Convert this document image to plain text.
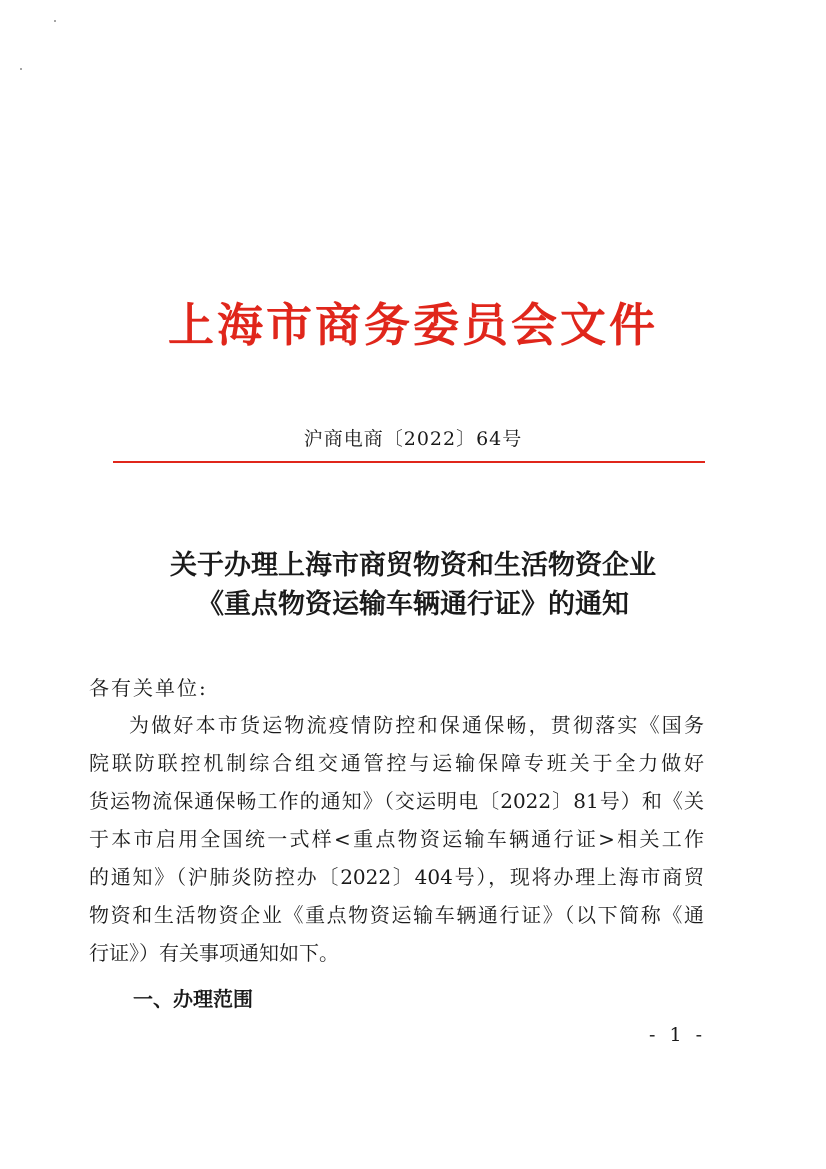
上海市商务委员会文件
沪商电商〔2022〕64号
关于办理上海市商贸物资和生活物资企业
《重点物资运输车辆通行证》的通知
各有关单位:
为做好本市货运物流疫情防控和保通保畅，贯彻落实《国务
院联防联控机制综合组交通管控与运输保障专班关于全力做好
货运物流保通保畅工作的通知》（交运明电〔2022〕81号）和《关
于本市启用全国统一式样<重点物资运输车辆通行证>相关工作
的通知》（沪肺炎防控办〔2022〕404号），现将办理上海市商贸
物资和生活物资企业《重点物资运输车辆通行证》（以下简称《通
行证》）有关事项通知如下。
一、办理范围
- 1 -
